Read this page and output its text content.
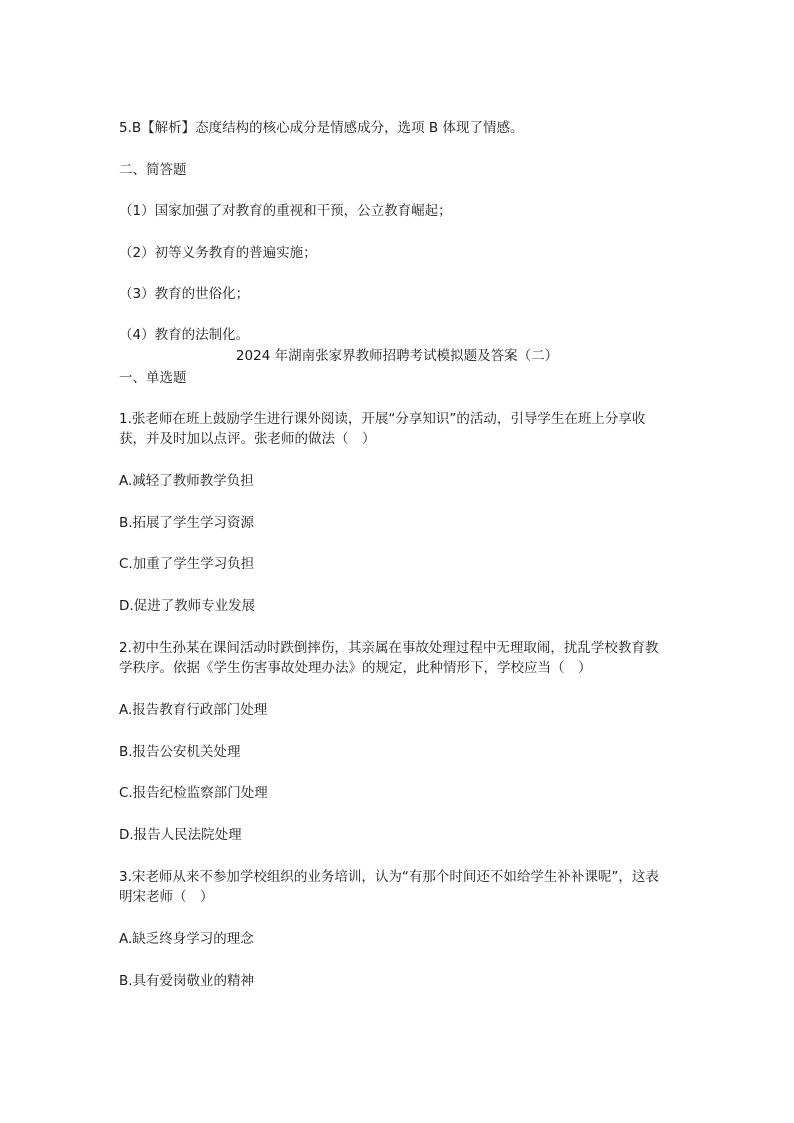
5.B【解析】态度结构的核心成分是情感成分，选项 B 体现了情感。
二、简答题
（1）国家加强了对教育的重视和干预，公立教育崛起；
（2）初等义务教育的普遍实施；
（3）教育的世俗化；
（4）教育的法制化。
2024 年湖南张家界教师招聘考试模拟题及答案（二）
一、单选题
1.张老师在班上鼓励学生进行课外阅读，开展“分享知识”的活动，引导学生在班上分享收获，并及时加以点评。张老师的做法（　）
A.减轻了教师教学负担
B.拓展了学生学习资源
C.加重了学生学习负担
D.促进了教师专业发展
2.初中生孙某在课间活动时跌倒摔伤，其亲属在事故处理过程中无理取闹，扰乱学校教育教学秩序。依据《学生伤害事故处理办法》的规定，此种情形下，学校应当（　）
A.报告教育行政部门处理
B.报告公安机关处理
C.报告纪检监察部门处理
D.报告人民法院处理
3.宋老师从来不参加学校组织的业务培训，认为“有那个时间还不如给学生补补课呢”，这表明宋老师（　）
A.缺乏终身学习的理念
B.具有爱岗敬业的精神
